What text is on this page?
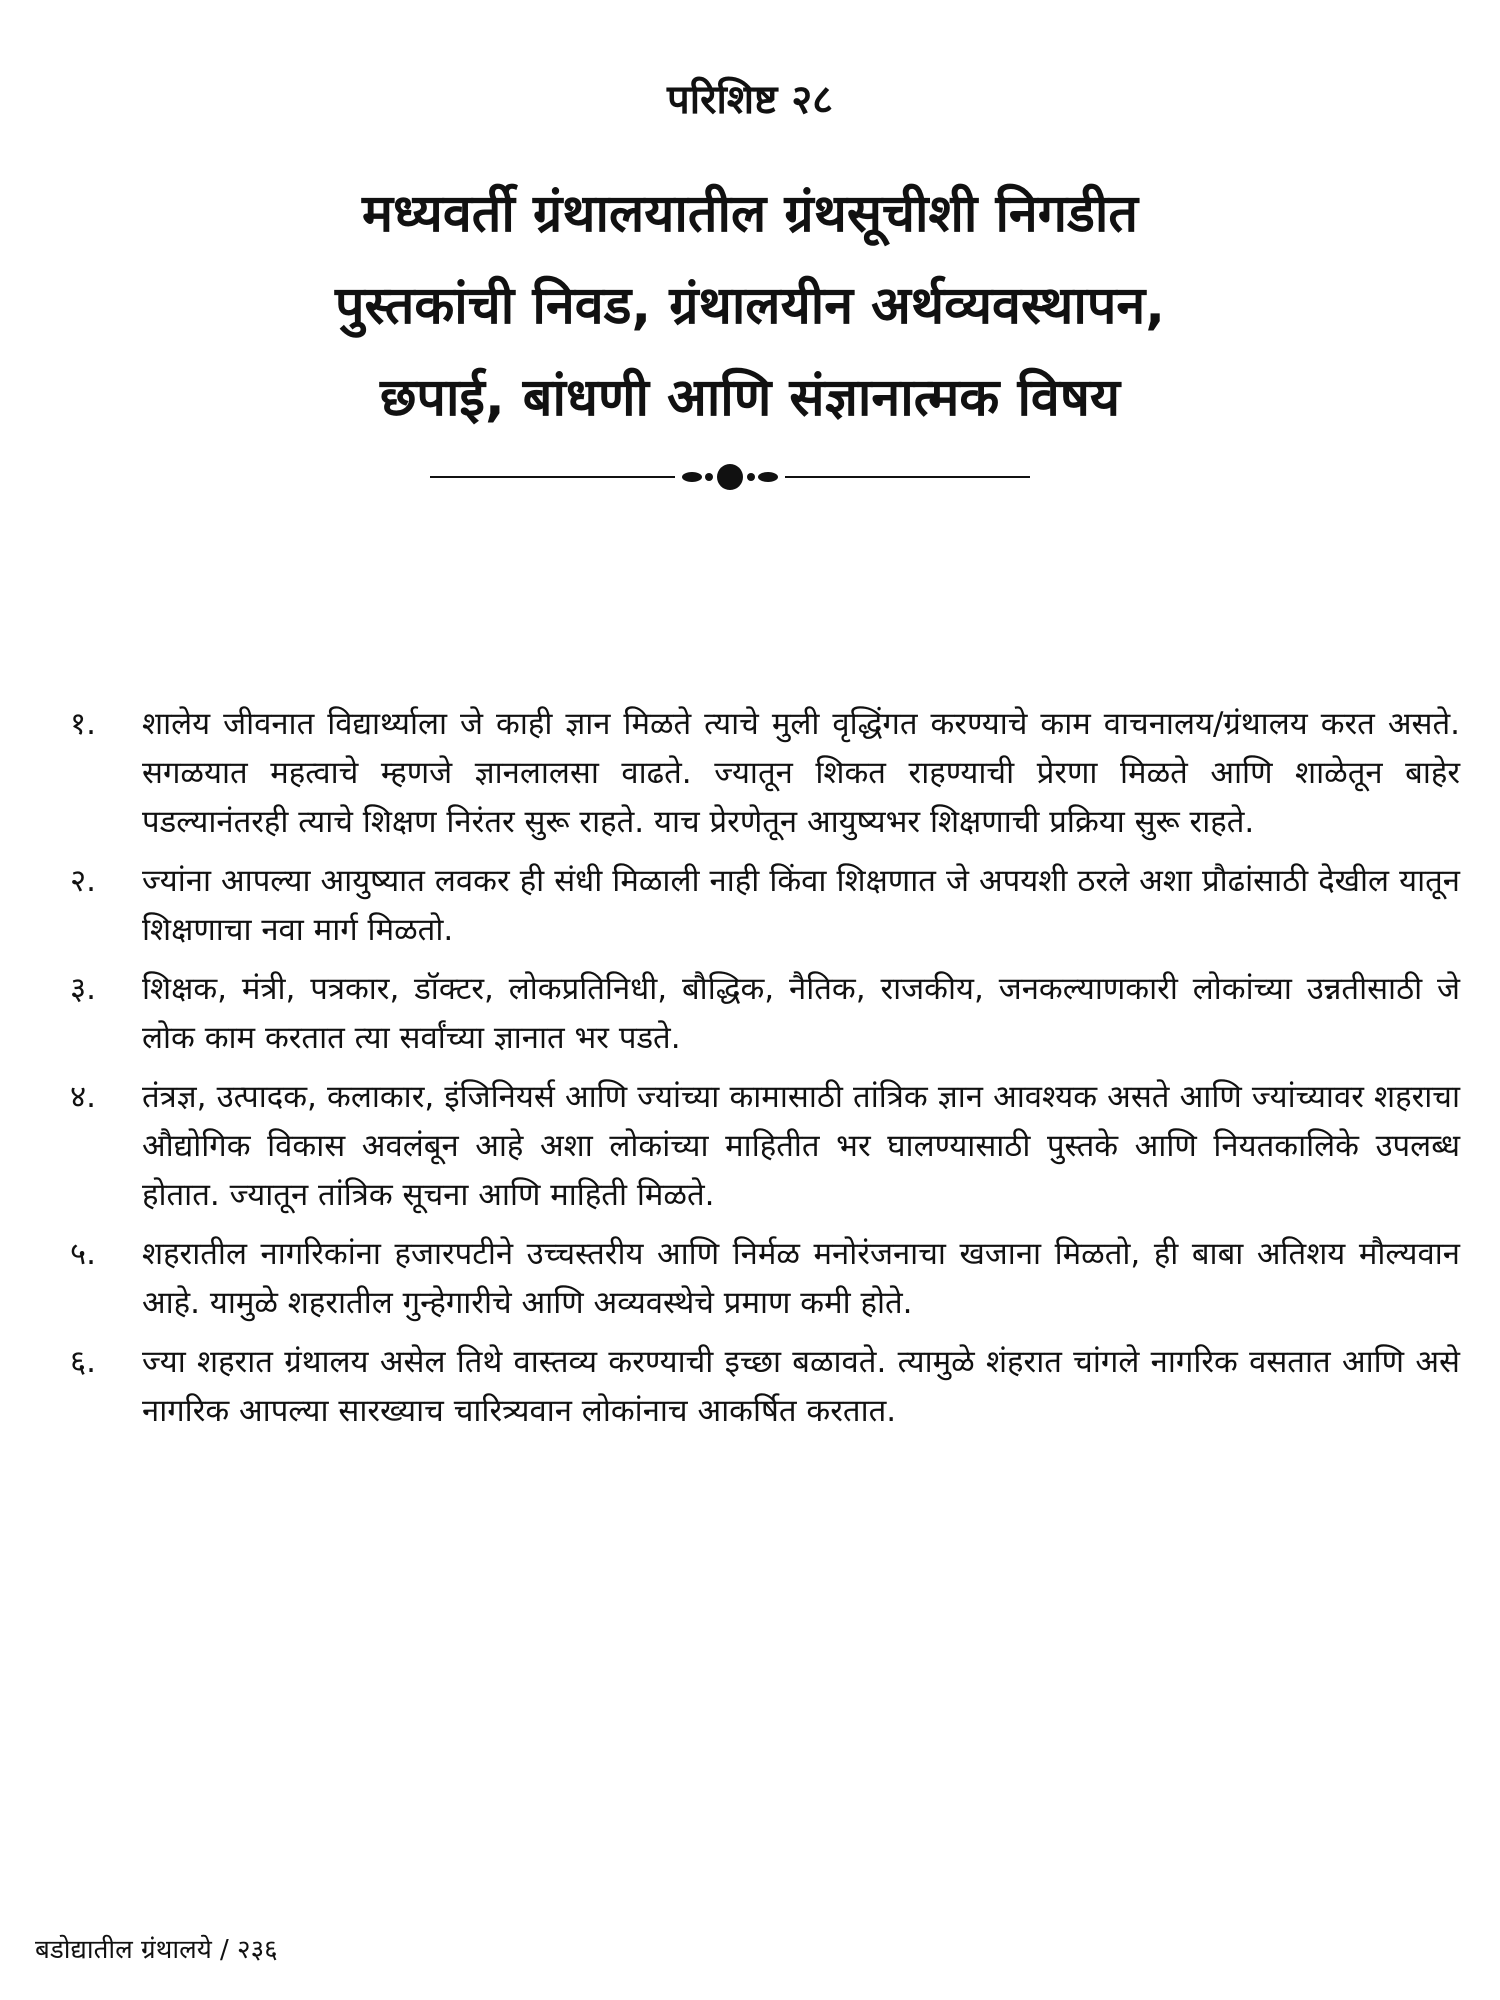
परिशिष्ट २८
मध्यवर्ती ग्रंथालयातील ग्रंथसूचीशी निगडीत
पुस्तकांची निवड, ग्रंथालयीन अर्थव्यवस्थापन,
छपाई, बांधणी आणि संज्ञानात्मक विषय
१.	शालेय जीवनात विद्यार्थ्याला जे काही ज्ञान मिळते त्याचे मुली वृद्धिंगत करण्याचे काम वाचनालय/ग्रंथालय करत असते. सगळयात महत्वाचे म्हणजे ज्ञानलालसा वाढते. ज्यातून शिकत राहण्याची प्रेरणा मिळते आणि शाळेतून बाहेर पडल्यानंतरही त्याचे शिक्षण निरंतर सुरू राहते. याच प्रेरणेतून आयुष्यभर शिक्षणाची प्रक्रिया सुरू राहते.
२.	ज्यांना आपल्या आयुष्यात लवकर ही संधी मिळाली नाही किंवा शिक्षणात जे अपयशी ठरले अशा प्रौढांसाठी देखील यातून शिक्षणाचा नवा मार्ग मिळतो.
३.	शिक्षक, मंत्री, पत्रकार, डॉक्टर, लोकप्रतिनिधी, बौद्धिक, नैतिक, राजकीय, जनकल्याणकारी लोकांच्या उन्नतीसाठी जे लोक काम करतात त्या सर्वांच्या ज्ञानात भर पडते.
४.	तंत्रज्ञ, उत्पादक, कलाकार, इंजिनियर्स आणि ज्यांच्या कामासाठी तांत्रिक ज्ञान आवश्यक असते आणि ज्यांच्यावर शहराचा औद्योगिक विकास अवलंबून आहे अशा लोकांच्या माहितीत भर घालण्यासाठी पुस्तके आणि नियतकालिके उपलब्ध होतात. ज्यातून तांत्रिक सूचना आणि माहिती मिळते.
५.	शहरातील नागरिकांना हजारपटीने उच्चस्तरीय आणि निर्मळ मनोरंजनाचा खजाना मिळतो, ही बाबा अतिशय मौल्यवान आहे. यामुळे शहरातील गुन्हेगारीचे आणि अव्यवस्थेचे प्रमाण कमी होते.
६.	ज्या शहरात ग्रंथालय असेल तिथे वास्तव्य करण्याची इच्छा बळावते. त्यामुळे शंहरात चांगले नागरिक वसतात आणि असे नागरिक आपल्या सारख्याच चारित्र्यवान लोकांनाच आकर्षित करतात.
बडोद्यातील ग्रंथालये / २३६
